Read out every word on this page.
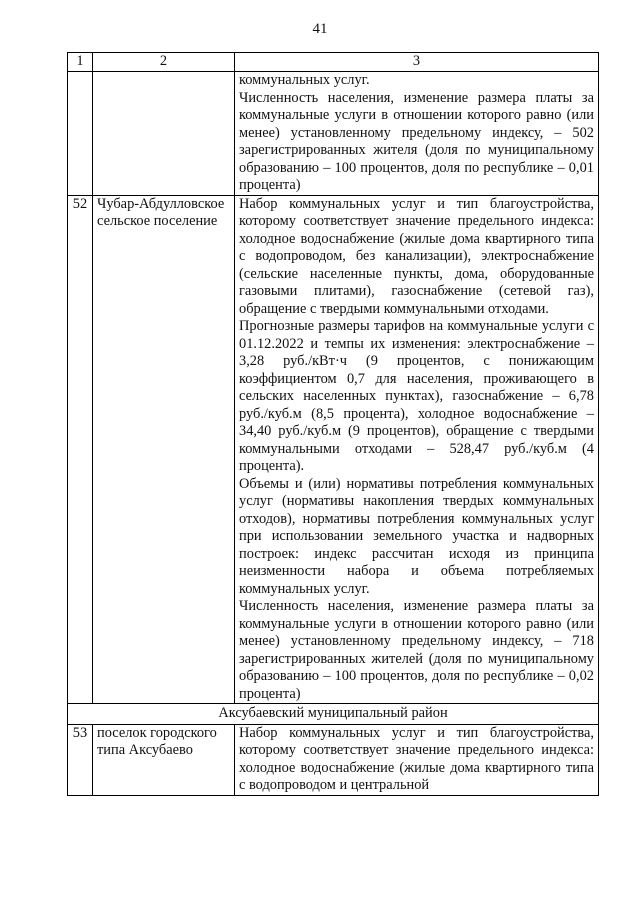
41
1	2	3

		коммунальных услуг.
Численность населения, изменение размера платы за коммунальные услуги в отношении которого равно (или менее) установленному предельному индексу, – 502 зарегистрированных жителя (доля по муниципальному образованию – 100 процентов, доля по республике – 0,01 процента)

52	Чубар-Абдулловское сельское поселение	Набор коммунальных услуг и тип благоустройства, которому соответствует значение предельного индекса: холодное водоснабжение (жилые дома квартирного типа с водопроводом, без канализации), электроснабжение (сельские населенные пункты, дома, оборудованные газовыми плитами), газоснабжение (сетевой газ), обращение с твердыми коммунальными отходами.
Прогнозные размеры тарифов на коммунальные услуги с 01.12.2022 и темпы их изменения: электроснабжение – 3,28 руб./кВт·ч (9 процентов, с понижающим коэффициентом 0,7 для населения, проживающего в сельских населенных пунктах), газоснабжение – 6,78 руб./куб.м (8,5 процента), холодное водоснабжение – 34,40 руб./куб.м (9 процентов), обращение с твердыми коммунальными отходами – 528,47 руб./куб.м (4 процента).
Объемы и (или) нормативы потребления коммунальных услуг (нормативы накопления твердых коммунальных отходов), нормативы потребления коммунальных услуг при использовании земельного участка и надворных построек: индекс рассчитан исходя из принципа неизменности набора и объема потребляемых коммунальных услуг.
Численность населения, изменение размера платы за коммунальные услуги в отношении которого равно (или менее) установленному предельному индексу, – 718 зарегистрированных жителей (доля по муниципальному образованию – 100 процентов, доля по республике – 0,02 процента)

Аксубаевский муниципальный район		
53	поселок городского типа Аксубаево	Набор коммунальных услуг и тип благоустройства, которому соответствует значение предельного индекса: холодное водоснабжение (жилые дома квартирного типа с водопроводом и центральной
